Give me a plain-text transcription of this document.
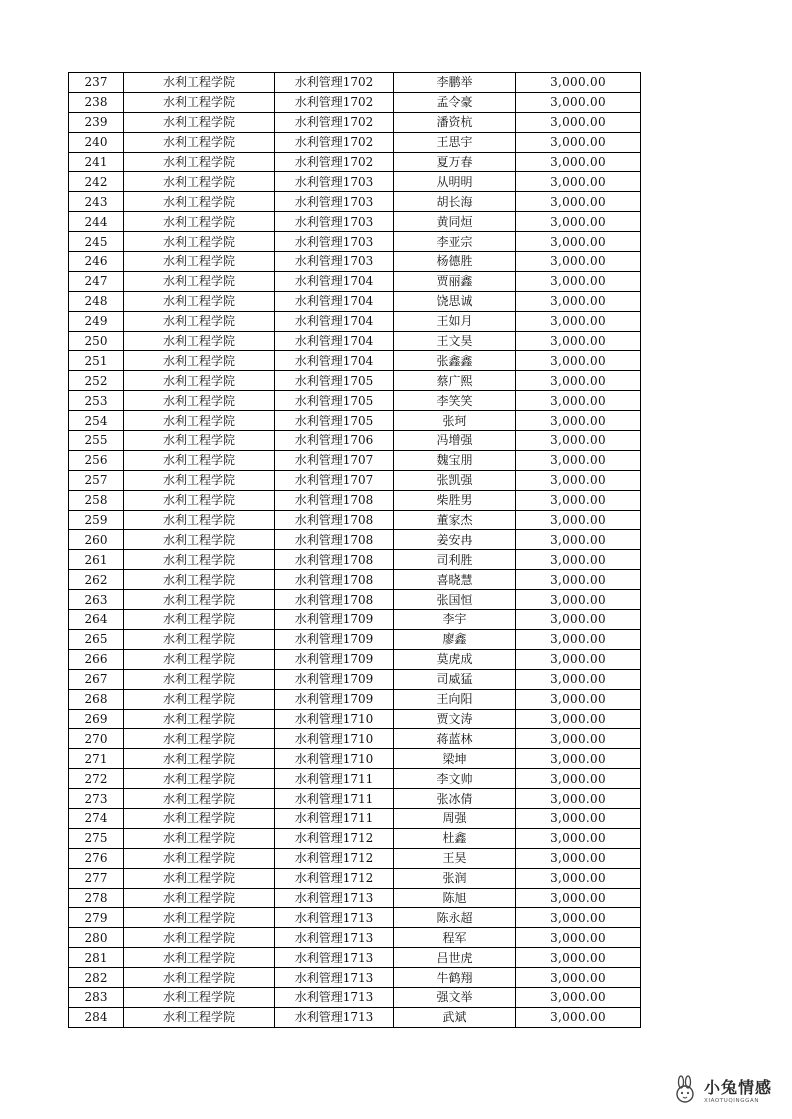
237	水利工程学院	水利管理1702	李鹏举	3,000.00
238	水利工程学院	水利管理1702	孟令豪	3,000.00
239	水利工程学院	水利管理1702	潘资杭	3,000.00
240	水利工程学院	水利管理1702	王思宇	3,000.00
241	水利工程学院	水利管理1702	夏万春	3,000.00
242	水利工程学院	水利管理1703	从明明	3,000.00
243	水利工程学院	水利管理1703	胡长海	3,000.00
244	水利工程学院	水利管理1703	黄同烜	3,000.00
245	水利工程学院	水利管理1703	李亚宗	3,000.00
246	水利工程学院	水利管理1703	杨德胜	3,000.00
247	水利工程学院	水利管理1704	贾丽鑫	3,000.00
248	水利工程学院	水利管理1704	饶思诚	3,000.00
249	水利工程学院	水利管理1704	王如月	3,000.00
250	水利工程学院	水利管理1704	王文昊	3,000.00
251	水利工程学院	水利管理1704	张鑫鑫	3,000.00
252	水利工程学院	水利管理1705	蔡广熙	3,000.00
253	水利工程学院	水利管理1705	李笑笑	3,000.00
254	水利工程学院	水利管理1705	张珂	3,000.00
255	水利工程学院	水利管理1706	冯增强	3,000.00
256	水利工程学院	水利管理1707	魏宝朋	3,000.00
257	水利工程学院	水利管理1707	张凯强	3,000.00
258	水利工程学院	水利管理1708	柴胜男	3,000.00
259	水利工程学院	水利管理1708	董家杰	3,000.00
260	水利工程学院	水利管理1708	姜安冉	3,000.00
261	水利工程学院	水利管理1708	司利胜	3,000.00
262	水利工程学院	水利管理1708	喜晓慧	3,000.00
263	水利工程学院	水利管理1708	张国恒	3,000.00
264	水利工程学院	水利管理1709	李宇	3,000.00
265	水利工程学院	水利管理1709	廖鑫	3,000.00
266	水利工程学院	水利管理1709	莫虎成	3,000.00
267	水利工程学院	水利管理1709	司威猛	3,000.00
268	水利工程学院	水利管理1709	王向阳	3,000.00
269	水利工程学院	水利管理1710	贾文涛	3,000.00
270	水利工程学院	水利管理1710	蒋蓝林	3,000.00
271	水利工程学院	水利管理1710	梁坤	3,000.00
272	水利工程学院	水利管理1711	李文帅	3,000.00
273	水利工程学院	水利管理1711	张冰倩	3,000.00
274	水利工程学院	水利管理1711	周强	3,000.00
275	水利工程学院	水利管理1712	杜鑫	3,000.00
276	水利工程学院	水利管理1712	王昊	3,000.00
277	水利工程学院	水利管理1712	张润	3,000.00
278	水利工程学院	水利管理1713	陈旭	3,000.00
279	水利工程学院	水利管理1713	陈永超	3,000.00
280	水利工程学院	水利管理1713	程军	3,000.00
281	水利工程学院	水利管理1713	吕世虎	3,000.00
282	水利工程学院	水利管理1713	牛鹤翔	3,000.00
283	水利工程学院	水利管理1713	强文举	3,000.00
284	水利工程学院	水利管理1713	武斌	3,000.00
小兔情感
XIAOTUQINGGAN
